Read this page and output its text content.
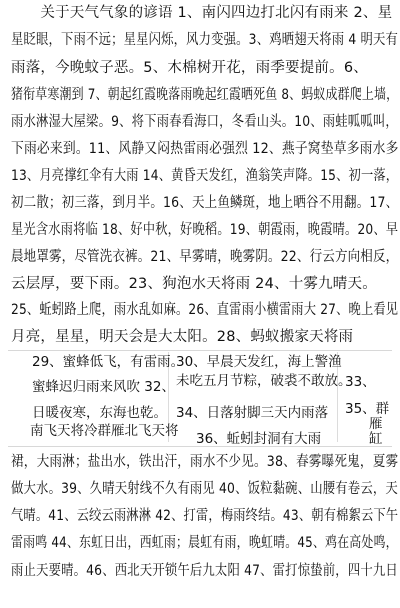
　　关于天气气象的谚语 1、南闪四边打北闪有雨来 2、星
星眨眼，下雨不远；星星闪烁，风力变强。3、鸡晒翅天将雨 4 明天有
雨落，今晚蚊子恶。5、木棉树开花，雨季要提前。6、
猪衔草寒潮到 7、朝起红霞晚落雨晚起红霞晒死鱼 8、蚂蚁成群爬上墙，
雨水淋湿大屋梁。9、将下雨春看海口，冬看山头。10、雨蛙呱呱叫，
下雨必来到。11、风静又闷热雷雨必强烈 12、燕子窝垫草多雨水多
13、月亮撑红伞有大雨 14、黄昏天发红，渔翁笑声降。15、初一落，
初二散；初三落，到月半。16、天上鱼鳞斑，地上晒谷不用翻。17、
星光含水雨将临 18、好中秋，好晚稻。19、朝霞雨，晚霞晴。20、早
晨地罩雾，尽管洗衣裤。21、早雾晴，晚雾阴。22、行云方向相反，
云层厚，要下雨。23、狗泡水天将雨 24、十雾九晴天。
25、蚯蚓路上爬，雨水乱如麻。26、直雷雨小横雷雨大 27、晚上看见
月亮，星星，明天会是大太阳。28、蚂蚁搬家天将雨
29、蜜蜂低飞，有雷雨。
30、早晨天发红，海上警渔
33、
蜜蜂迟归雨来风吹 32、 未吃五月节粽，破裘不敢放。
日暖夜寒，东海也乾。 34、日落射脚三天内雨落 35、群
雁
南飞天将冷群雁北飞天将 36、蚯蚓封洞有大雨	缸
裙，大雨淋；盐出水，铁出汗，雨水不少见。38、春雾曝死鬼，夏雾
做大水。39、久晴天射线不久有雨见 40、饭粒黏碗、山腰有卷云，天
气晴。41、云绞云雨淋淋 42、打雷，梅雨终结。43、朝有棉絮云下午
雷雨鸣 44、东虹日出，西虹雨；晨虹有雨，晚虹晴。45、鸡在高处鸣，
雨止天要晴。46、西北天开锁午后九太阳 47、雷打惊蛰前，四十九日
